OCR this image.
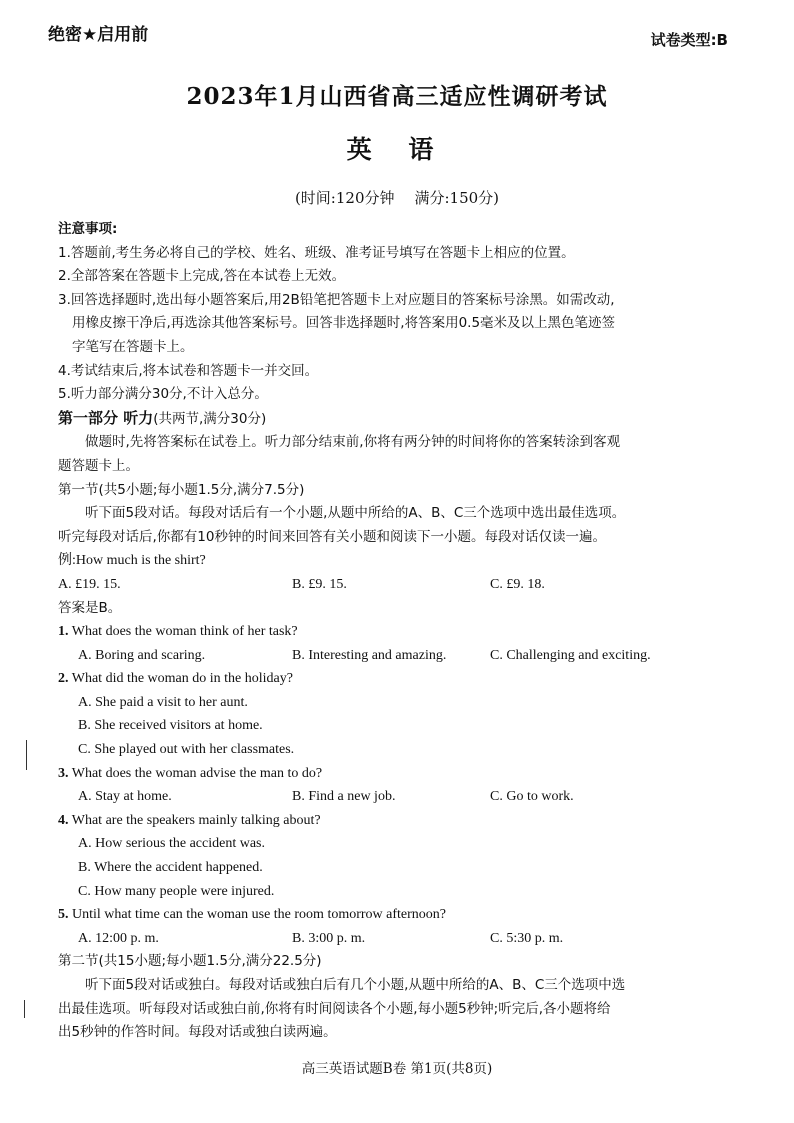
绝密★启用前	试卷类型:B
2023年1月山西省高三适应性调研考试
英 语
(时间:120分钟 满分:150分)
注意事项:
1.答题前,考生务必将自己的学校、姓名、班级、准考证号填写在答题卡上相应的位置。
2.全部答案在答题卡上完成,答在本试卷上无效。
3.回答选择题时,选出每小题答案后,用2B铅笔把答题卡上对应题目的答案标号涂黑。如需改动,
用橡皮擦干净后,再选涂其他答案标号。回答非选择题时,将答案用0.5毫米及以上黑色笔迹签
字笔写在答题卡上。
4.考试结束后,将本试卷和答题卡一并交回。
5.听力部分满分30分,不计入总分。
第一部分 听力(共两节,满分30分)
做题时,先将答案标在试卷上。听力部分结束前,你将有两分钟的时间将你的答案转涂到客观
题答题卡上。
第一节(共5小题;每小题1.5分,满分7.5分)
听下面5段对话。每段对话后有一个小题,从题中所给的A、B、C三个选项中选出最佳选项。
听完每段对话后,你都有10秒钟的时间来回答有关小题和阅读下一小题。每段对话仅读一遍。
例:How much is the shirt?
A. £19. 15.	B. £9. 15.	C. £9. 18.
答案是B。
1. What does the woman think of her task?
A. Boring and scaring.	B. Interesting and amazing.	C. Challenging and exciting.
2. What did the woman do in the holiday?
A. She paid a visit to her aunt.
B. She received visitors at home.
C. She played out with her classmates.
3. What does the woman advise the man to do?
A. Stay at home.	B. Find a new job.	C. Go to work.
4. What are the speakers mainly talking about?
A. How serious the accident was.
B. Where the accident happened.
C. How many people were injured.
5. Until what time can the woman use the room tomorrow afternoon?
A. 12:00 p. m.	B. 3:00 p. m.	C. 5:30 p. m.
第二节(共15小题;每小题1.5分,满分22.5分)
听下面5段对话或独白。每段对话或独白后有几个小题,从题中所给的A、B、C三个选项中选
出最佳选项。听每段对话或独白前,你将有时间阅读各个小题,每小题5秒钟;听完后,各小题将给
出5秒钟的作答时间。每段对话或独白读两遍。
高三英语试题B卷 第1页(共8页)
